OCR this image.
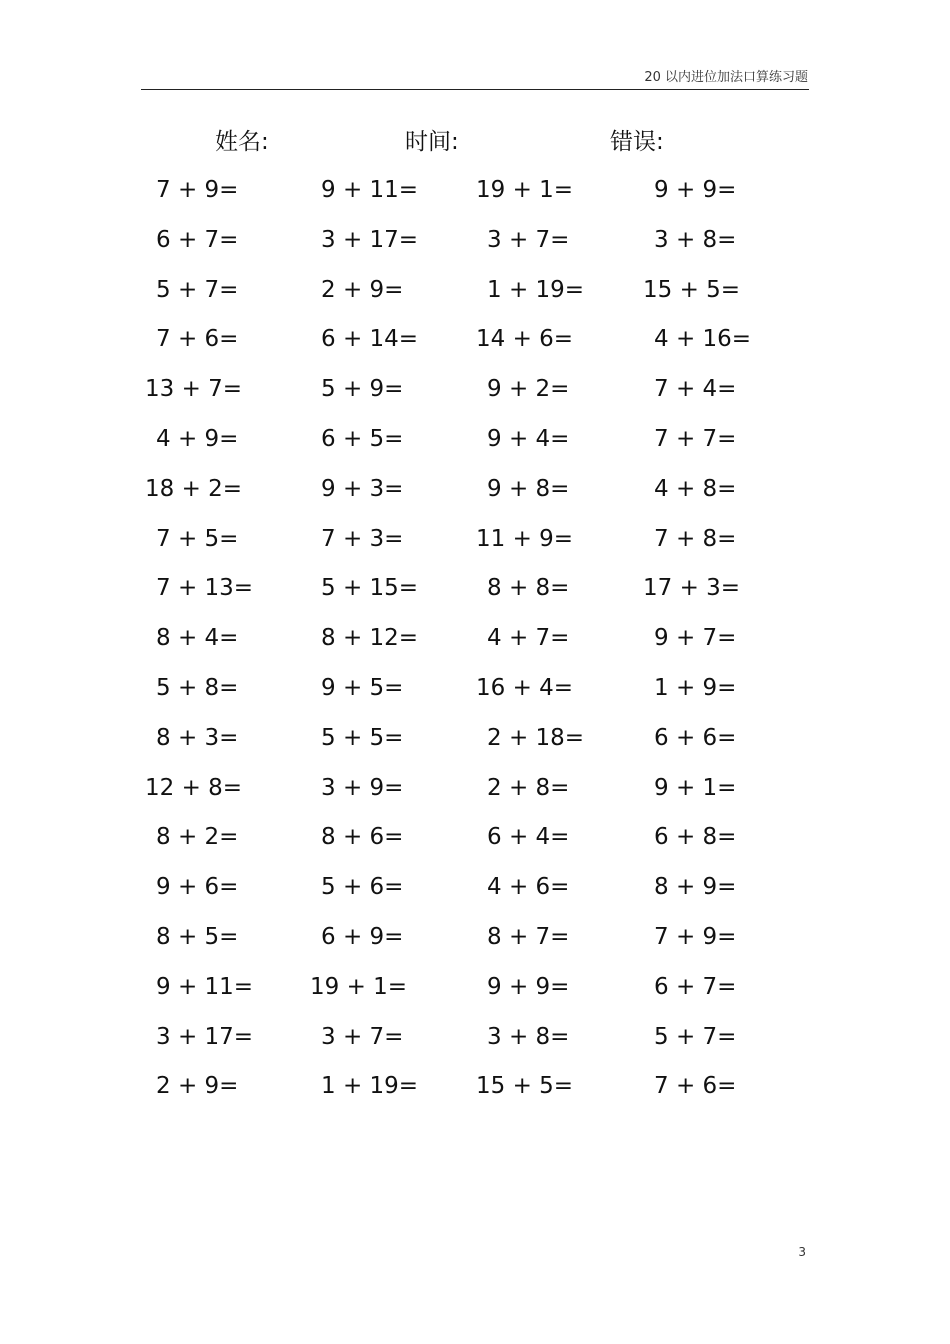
20 以内进位加法口算练习题
姓名:	时间:	错误:
7 + 9=
6 + 7=
5 + 7=
7 + 6=
13 + 7=
4 + 9=
18 + 2=
7 + 5=
7 + 13=
8 + 4=
5 + 8=
8 + 3=
12 + 8=
8 + 2=
9 + 6=
8 + 5=
9 + 11=
3 + 17=
2 + 9=
9 + 11=
3 + 17=
2 + 9=
6 + 14=
5 + 9=
6 + 5=
9 + 3=
7 + 3=
5 + 15=
8 + 12=
9 + 5=
5 + 5=
3 + 9=
8 + 6=
5 + 6=
6 + 9=
19 + 1=
3 + 7=
1 + 19=
19 + 1=
3 + 7=
1 + 19=
14 + 6=
9 + 2=
9 + 4=
9 + 8=
11 + 9=
8 + 8=
4 + 7=
16 + 4=
2 + 18=
2 + 8=
6 + 4=
4 + 6=
8 + 7=
9 + 9=
3 + 8=
15 + 5=
9 + 9=
3 + 8=
15 + 5=
4 + 16=
7 + 4=
7 + 7=
4 + 8=
7 + 8=
17 + 3=
9 + 7=
1 + 9=
6 + 6=
9 + 1=
6 + 8=
8 + 9=
7 + 9=
6 + 7=
5 + 7=
7 + 6=
3
